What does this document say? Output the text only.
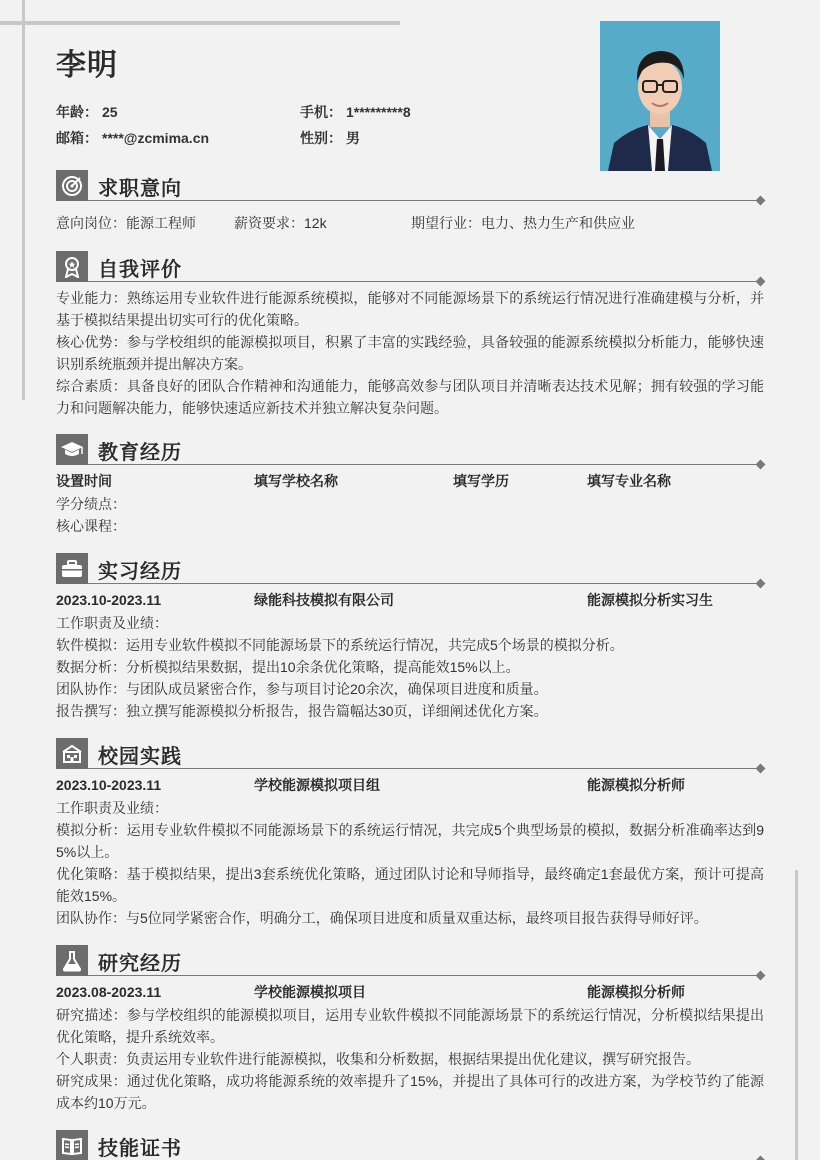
李明
年龄： 25	手机： 1*********8
邮箱： ****@zcmima.cn	性别： 男
求职意向
意向岗位：能源工程师	薪资要求：12k	期望行业：电力、热力生产和供应业
自我评价

专业能力：熟练运用专业软件进行能源系统模拟，能够对不同能源场景下的系统运行情况进行准确建模与分析，并基于模拟结果提出切实可行的优化策略。

核心优势：参与学校组织的能源模拟项目，积累了丰富的实践经验，具备较强的能源系统模拟分析能力，能够快速识别系统瓶颈并提出解决方案。

综合素质：具备良好的团队合作精神和沟通能力，能够高效参与团队项目并清晰表达技术见解；拥有较强的学习能力和问题解决能力，能够快速适应新技术并独立解决复杂问题。

教育经历
设置时间	填写学校名称	填写学历	填写专业名称
学分绩点：
核心课程：
实习经历
2023.10-2023.11	绿能科技模拟有限公司	能源模拟分析实习生

工作职责及业绩：

软件模拟：运用专业软件模拟不同能源场景下的系统运行情况，共完成5个场景的模拟分析。

数据分析：分析模拟结果数据，提出10余条优化策略，提高能效15%以上。

团队协作：与团队成员紧密合作，参与项目讨论20余次，确保项目进度和质量。

报告撰写：独立撰写能源模拟分析报告，报告篇幅达30页，详细阐述优化方案。

校园实践
2023.10-2023.11	学校能源模拟项目组	能源模拟分析师

工作职责及业绩：

模拟分析：运用专业软件模拟不同能源场景下的系统运行情况，共完成5个典型场景的模拟，数据分析准确率达到95%以上。

优化策略：基于模拟结果，提出3套系统优化策略，通过团队讨论和导师指导，最终确定1套最优方案，预计可提高能效15%。

团队协作：与5位同学紧密合作，明确分工，确保项目进度和质量双重达标，最终项目报告获得导师好评。

研究经历
2023.08-2023.11	学校能源模拟项目	能源模拟分析师

研究描述：参与学校组织的能源模拟项目，运用专业软件模拟不同能源场景下的系统运行情况，分析模拟结果提出优化策略，提升系统效率。

个人职责：负责运用专业软件进行能源模拟，收集和分析数据，根据结果提出优化建议，撰写研究报告。

研究成果：通过优化策略，成功将能源系统的效率提升了15%，并提出了具体可行的改进方案，为学校节约了能源成本约10万元。

技能证书
